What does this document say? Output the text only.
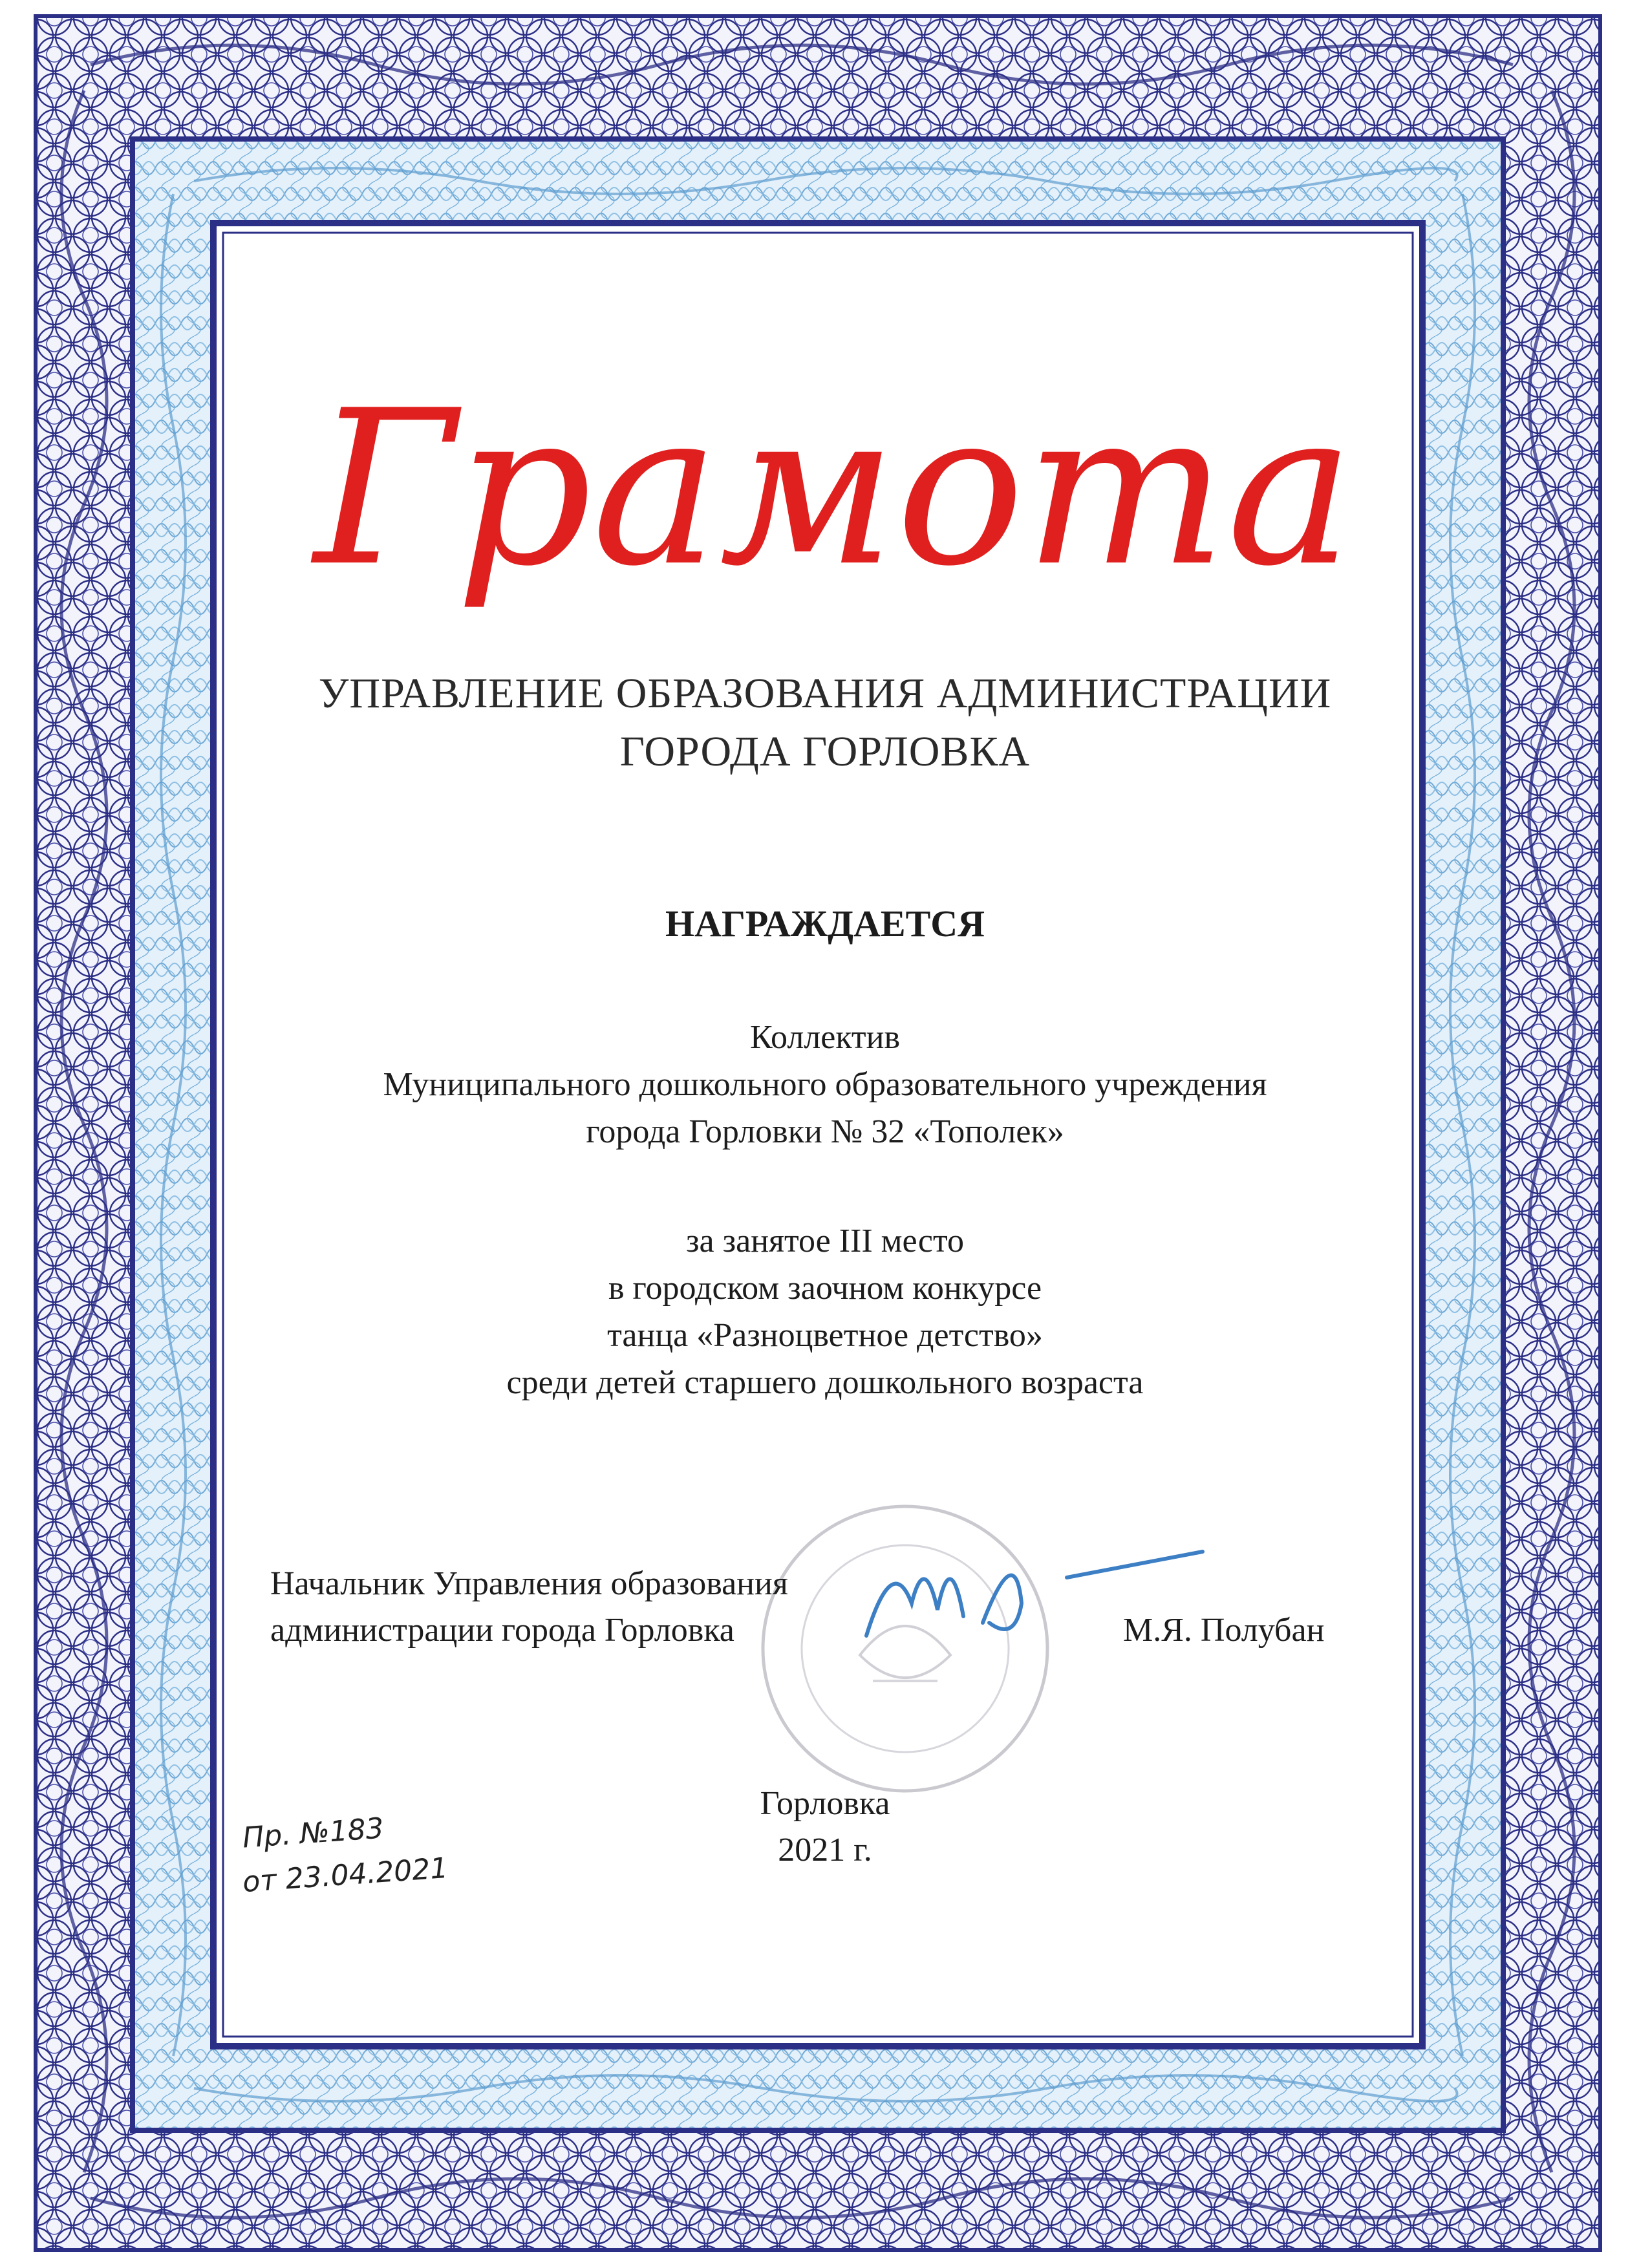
Грамота
УПРАВЛЕНИЕ ОБРАЗОВАНИЯ АДМИНИСТРАЦИИ
ГОРОДА ГОРЛОВКА
НАГРАЖДАЕТСЯ
Коллектив
Муниципального дошкольного образовательного учреждения
города Горловки № 32 «Тополек»
за занятое III место
в городском заочном конкурсе
танца «Разноцветное детство»
среди детей старшего дошкольного возраста
Начальник Управления образования
администрации города Горловка	М.Я. Полубан
Горловка
2021 г.
Пр. №183
от 23.04.2021
